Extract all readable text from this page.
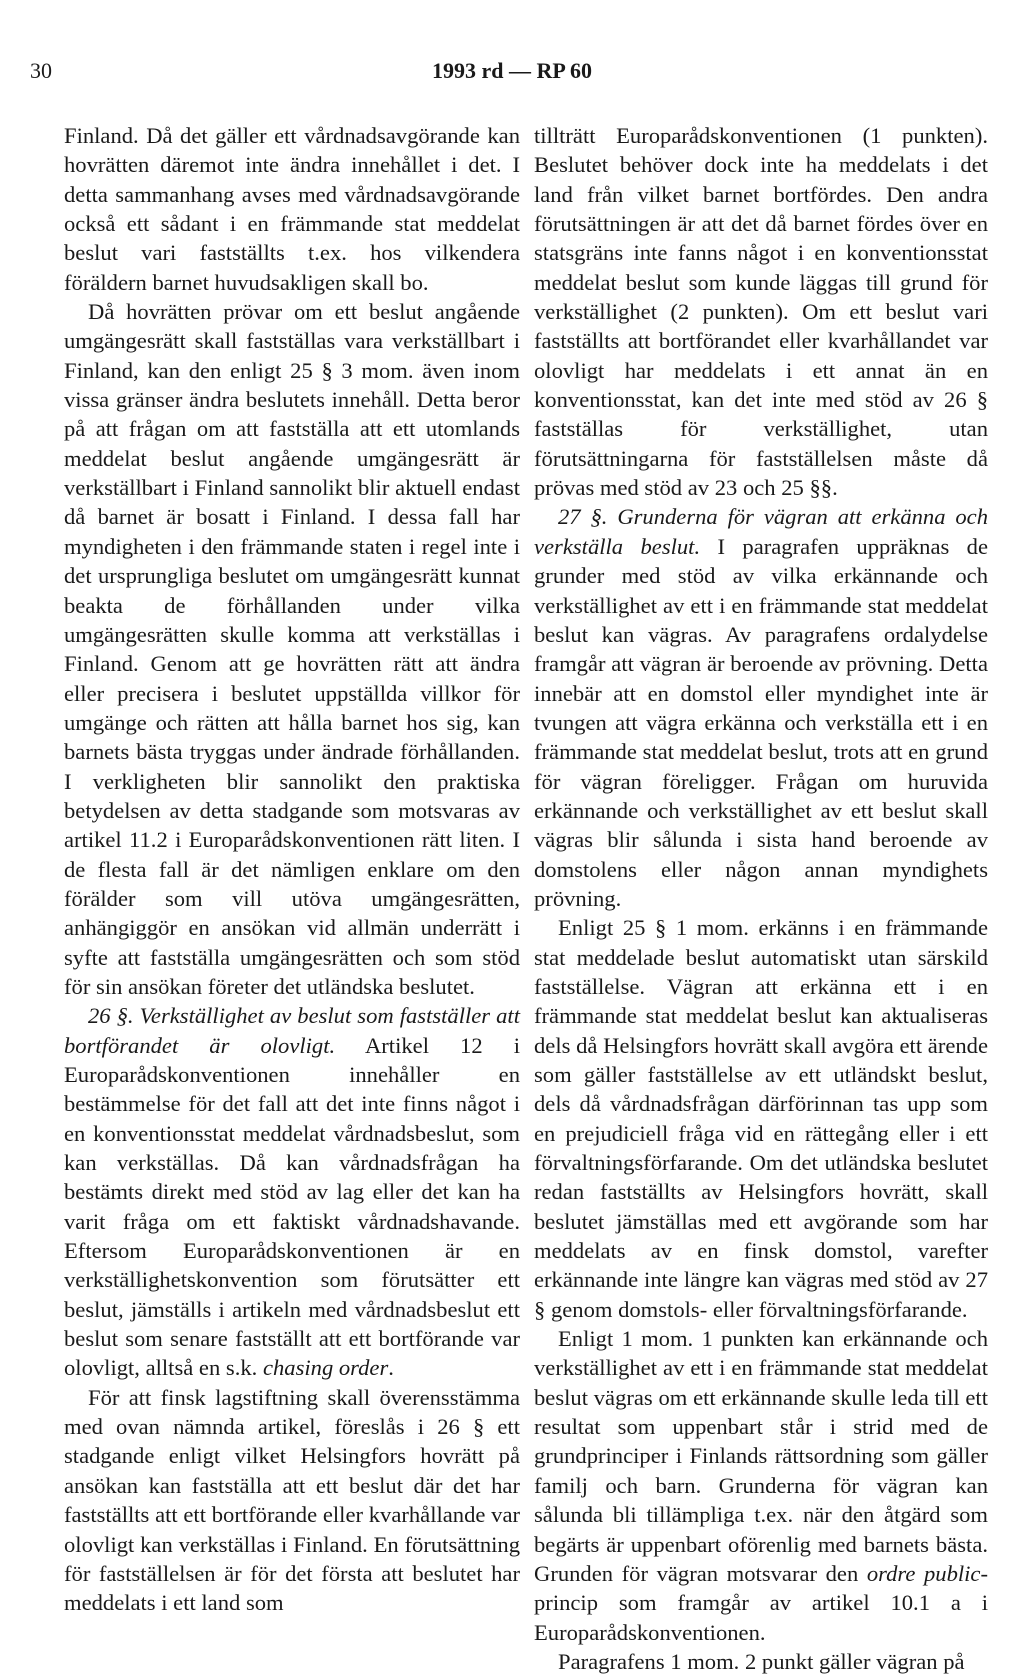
30	1993 rd — RP 60

Finland. Då det gäller ett vårdnadsavgörande kan hovrätten däremot inte ändra innehållet i det. I detta sammanhang avses med vårdnadsavgörande också ett sådant i en främmande stat meddelat beslut vari fastställts t.ex. hos vilkendera föräldern barnet huvudsakligen skall bo.

Då hovrätten prövar om ett beslut angående umgängesrätt skall fastställas vara verkställbart i Finland, kan den enligt 25 § 3 mom. även inom vissa gränser ändra beslutets innehåll. Detta beror på att frågan om att fastställa att ett utomlands meddelat beslut angående umgängesrätt är verkställbart i Finland sannolikt blir aktuell endast då barnet är bosatt i Finland. I dessa fall har myndigheten i den främmande staten i regel inte i det ursprungliga beslutet om umgängesrätt kunnat beakta de förhållanden under vilka umgängesrätten skulle komma att verkställas i Finland. Genom att ge hovrätten rätt att ändra eller precisera i beslutet uppställda villkor för umgänge och rätten att hålla barnet hos sig, kan barnets bästa tryggas under ändrade förhållanden. I verkligheten blir sannolikt den praktiska betydelsen av detta stadgande som motsvaras av artikel 11.2 i Europarådskonventionen rätt liten. I de flesta fall är det nämligen enklare om den förälder som vill utöva umgängesrätten, anhängiggör en ansökan vid allmän underrätt i syfte att fastställa umgängesrätten och som stöd för sin ansökan företer det utländska beslutet.

26 §. Verkställighet av beslut som fastställer att bortförandet är olovligt. Artikel 12 i Europarådskonventionen innehåller en bestämmelse för det fall att det inte finns något i en konventionsstat meddelat vårdnadsbeslut, som kan verkställas. Då kan vårdnadsfrågan ha bestämts direkt med stöd av lag eller det kan ha varit fråga om ett faktiskt vårdnadshavande. Eftersom Europarådskonventionen är en verkställighetskonvention som förutsätter ett beslut, jämställs i artikeln med vårdnadsbeslut ett beslut som senare fastställt att ett bortförande var olovligt, alltså en s.k. chasing order.

För att finsk lagstiftning skall överensstämma med ovan nämnda artikel, föreslås i 26 § ett stadgande enligt vilket Helsingfors hovrätt på ansökan kan fastställa att ett beslut där det har fastställts att ett bortförande eller kvarhållande var olovligt kan verkställas i Finland. En förutsättning för fastställelsen är för det första att beslutet har meddelats i ett land som

tillträtt Europarådskonventionen (1 punkten). Beslutet behöver dock inte ha meddelats i det land från vilket barnet bortfördes. Den andra förutsättningen är att det då barnet fördes över en statsgräns inte fanns något i en konventionsstat meddelat beslut som kunde läggas till grund för verkställighet (2 punkten). Om ett beslut vari fastställts att bortförandet eller kvarhållandet var olovligt har meddelats i ett annat än en konventionsstat, kan det inte med stöd av 26 § fastställas för verkställighet, utan förutsättningarna för fastställelsen måste då prövas med stöd av 23 och 25 §§.

27 §. Grunderna för vägran att erkänna och verkställa beslut. I paragrafen uppräknas de grunder med stöd av vilka erkännande och verkställighet av ett i en främmande stat meddelat beslut kan vägras. Av paragrafens ordalydelse framgår att vägran är beroende av prövning. Detta innebär att en domstol eller myndighet inte är tvungen att vägra erkänna och verkställa ett i en främmande stat meddelat beslut, trots att en grund för vägran föreligger. Frågan om huruvida erkännande och verkställighet av ett beslut skall vägras blir sålunda i sista hand beroende av domstolens eller någon annan myndighets prövning.

Enligt 25 § 1 mom. erkänns i en främmande stat meddelade beslut automatiskt utan särskild fastställelse. Vägran att erkänna ett i en främmande stat meddelat beslut kan aktualiseras dels då Helsingfors hovrätt skall avgöra ett ärende som gäller fastställelse av ett utländskt beslut, dels då vårdnadsfrågan därförinnan tas upp som en prejudiciell fråga vid en rättegång eller i ett förvaltningsförfarande. Om det utländska beslutet redan fastställts av Helsingfors hovrätt, skall beslutet jämställas med ett avgörande som har meddelats av en finsk domstol, varefter erkännande inte längre kan vägras med stöd av 27 § genom domstols- eller förvaltningsförfarande.

Enligt 1 mom. 1 punkten kan erkännande och verkställighet av ett i en främmande stat meddelat beslut vägras om ett erkännande skulle leda till ett resultat som uppenbart står i strid med de grundprinciper i Finlands rättsordning som gäller familj och barn. Grunderna för vägran kan sålunda bli tillämpliga t.ex. när den åtgärd som begärts är uppenbart oförenlig med barnets bästa. Grunden för vägran motsvarar den ordre public-princip som framgår av artikel 10.1 a i Europarådskonventionen.

Paragrafens 1 mom. 2 punkt gäller vägran på
